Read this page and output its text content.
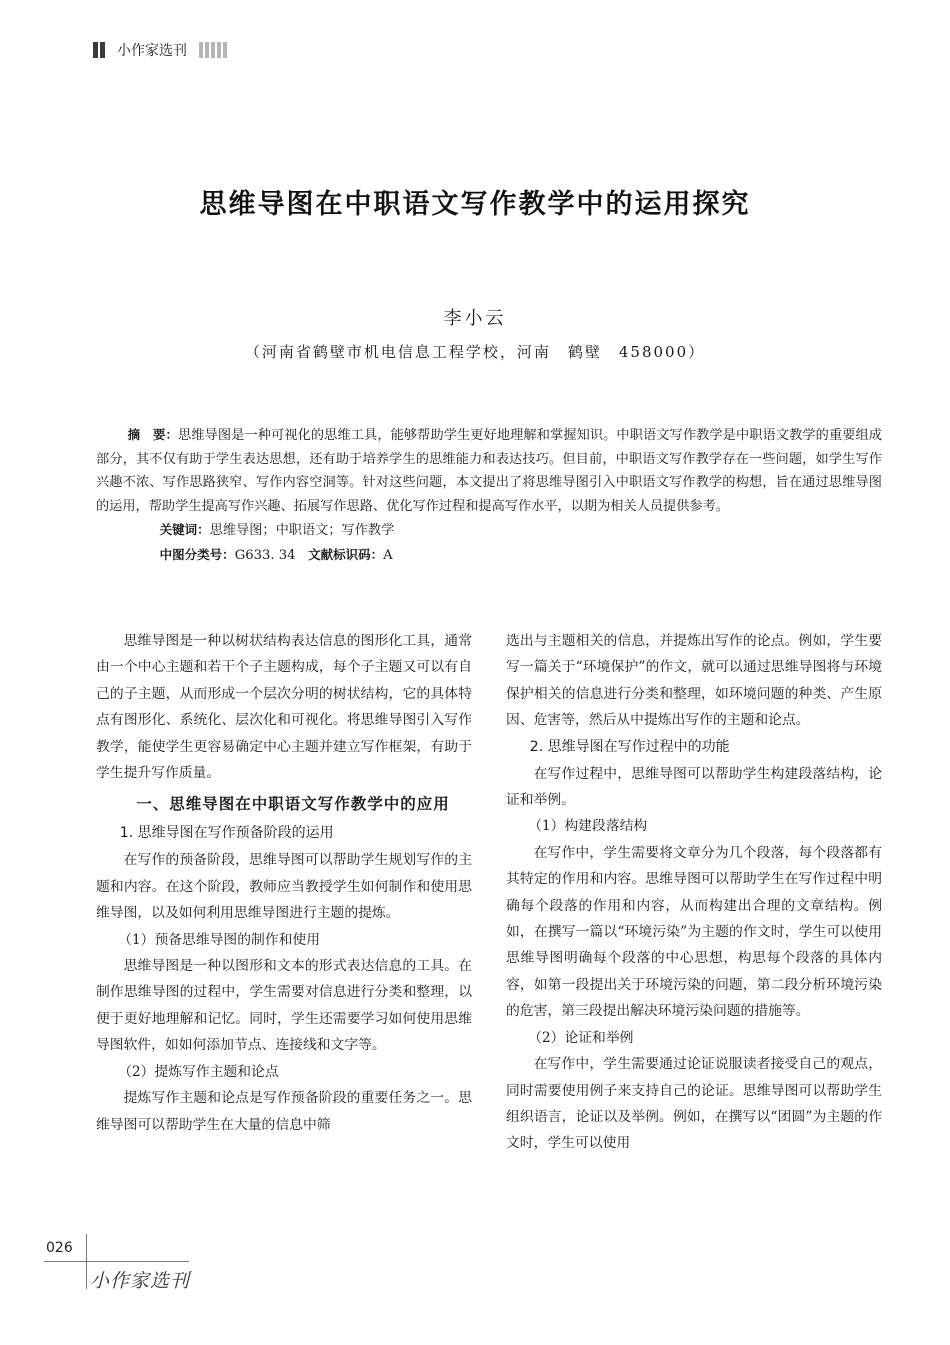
小作家选刊
思维导图在中职语文写作教学中的运用探究
李小云
（河南省鹤壁市机电信息工程学校，河南　鹤壁　458000）

摘　要：思维导图是一种可视化的思维工具，能够帮助学生更好地理解和掌握知识。中职语文写作教学是中职语文教学的重要组成部分，其不仅有助于学生表达思想，还有助于培养学生的思维能力和表达技巧。但目前，中职语文写作教学存在一些问题，如学生写作兴趣不浓、写作思路狭窄、写作内容空洞等。针对这些问题，本文提出了将思维导图引入中职语文写作教学的构想，旨在通过思维导图的运用，帮助学生提高写作兴趣、拓展写作思路、优化写作过程和提高写作水平，以期为相关人员提供参考。

关键词：思维导图；中职语文；写作教学

中图分类号：G633. 34 文献标识码：A

思维导图是一种以树状结构表达信息的图形化工具，通常由一个中心主题和若干个子主题构成，每个子主题又可以有自己的子主题，从而形成一个层次分明的树状结构，它的具体特点有图形化、系统化、层次化和可视化。将思维导图引入写作教学，能使学生更容易确定中心主题并建立写作框架，有助于学生提升写作质量。

一、思维导图在中职语文写作教学中的应用
1. 思维导图在写作预备阶段的运用

在写作的预备阶段，思维导图可以帮助学生规划写作的主题和内容。在这个阶段，教师应当教授学生如何制作和使用思维导图，以及如何利用思维导图进行主题的提炼。

（1）预备思维导图的制作和使用

思维导图是一种以图形和文本的形式表达信息的工具。在制作思维导图的过程中，学生需要对信息进行分类和整理，以便于更好地理解和记忆。同时，学生还需要学习如何使用思维导图软件，如如何添加节点、连接线和文字等。

（2）提炼写作主题和论点

提炼写作主题和论点是写作预备阶段的重要任务之一。思维导图可以帮助学生在大量的信息中筛

选出与主题相关的信息，并提炼出写作的论点。例如，学生要写一篇关于“环境保护”的作文，就可以通过思维导图将与环境保护相关的信息进行分类和整理，如环境问题的种类、产生原因、危害等，然后从中提炼出写作的主题和论点。

2. 思维导图在写作过程中的功能

在写作过程中，思维导图可以帮助学生构建段落结构，论证和举例。

（1）构建段落结构

在写作中，学生需要将文章分为几个段落，每个段落都有其特定的作用和内容。思维导图可以帮助学生在写作过程中明确每个段落的作用和内容，从而构建出合理的文章结构。例如，在撰写一篇以“环境污染”为主题的作文时，学生可以使用思维导图明确每个段落的中心思想，构思每个段落的具体内容，如第一段提出关于环境污染的问题，第二段分析环境污染的危害，第三段提出解决环境污染问题的措施等。

（2）论证和举例

在写作中，学生需要通过论证说服读者接受自己的观点，同时需要使用例子来支持自己的论证。思维导图可以帮助学生组织语言，论证以及举例。例如，在撰写以“团圆”为主题的作文时，学生可以使用

026
小作家选刊
